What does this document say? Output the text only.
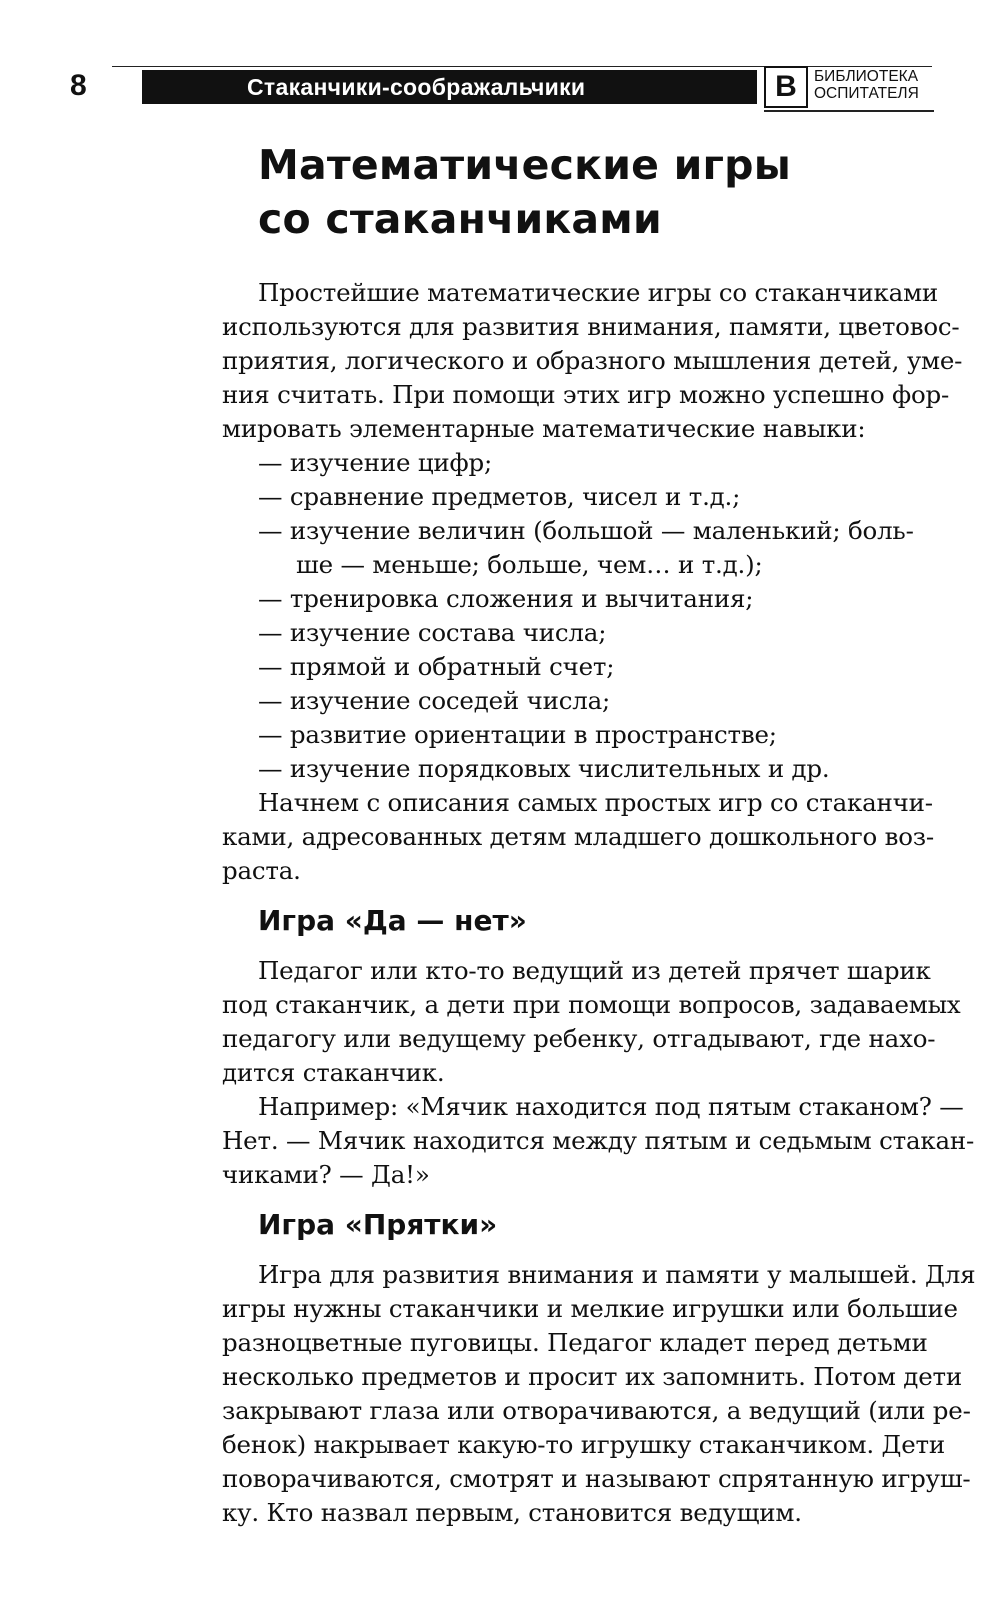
8	Стаканчики-соображальчики	В	БИБЛИОТЕКА
ОСПИТАТЕЛЯ
Математические игры
со стаканчиками
Простейшие математические игры со стаканчиками
используются для развития внимания, памяти, цветовос-
приятия, логического и образного мышления детей, уме-
ния считать. При помощи этих игр можно успешно фор-
мировать элементарные математические навыки:
— изучение цифр;
— сравнение предметов, чисел и т.д.;
— изучение величин (большой — маленький; боль-
ше — меньше; больше, чем… и т.д.);
— тренировка сложения и вычитания;
— изучение состава числа;
— прямой и обратный счет;
— изучение соседей числа;
— развитие ориентации в пространстве;
— изучение порядковых числительных и др.
Начнем с описания самых простых игр со стаканчи-
ками, адресованных детям младшего дошкольного воз-
раста.
Игра «Да — нет»
Педагог или кто-то ведущий из детей прячет шарик
под стаканчик, а дети при помощи вопросов, задаваемых
педагогу или ведущему ребенку, отгадывают, где нахо-
дится стаканчик.
Например: «Мячик находится под пятым стаканом? —
Нет. — Мячик находится между пятым и седьмым стакан-
чиками? — Да!»
Игра «Прятки»
Игра для развития внимания и памяти у малышей. Для
игры нужны стаканчики и мелкие игрушки или большие
разноцветные пуговицы. Педагог кладет перед детьми
несколько предметов и просит их запомнить. Потом дети
закрывают глаза или отворачиваются, а ведущий (или ре-
бенок) накрывает какую-то игрушку стаканчиком. Дети
поворачиваются, смотрят и называют спрятанную игруш-
ку. Кто назвал первым, становится ведущим.
